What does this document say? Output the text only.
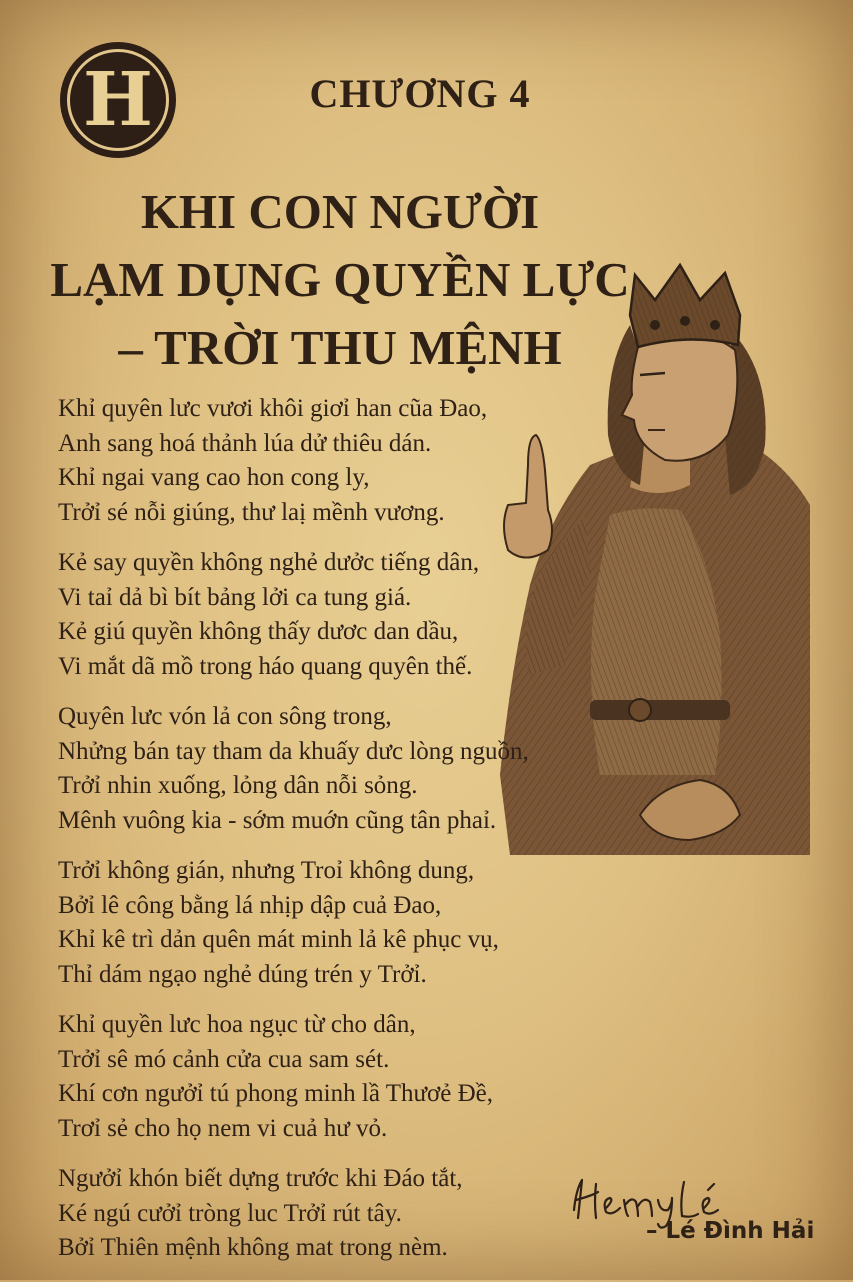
H	CHƯƠNG 4
KHI CON NGƯỜI
LẠM DỤNG QUYỀN LỰC
– TRỜI THU MỆNH
Khỉ quyên lưc vươi khôi giơỉ han cũa Đao,
Anh sang hoá thảnh lúa dử thiêu dán.
Khỉ ngai vang cao hon cong ly,
Trởỉ sé nỗi giúng, thư laị mềnh vương.
Kẻ say quyền không nghẻ dưởc tiếng dân,
Vi taỉ dả bì bít bảng lởi ca tung giá.
Kẻ giú quyền không thấy dươc dan dầu,
Vi mắt dã mồ trong háo quang quyên thế.
Quyên lưc vón lả con sông trong,
Nhửng bán tay tham da khuấy dưc lòng nguồn,
Trởỉ nhin xuống, lỏng dân nỗi sỏng.
Mênh vuông kia - sớm muớn cũng tân phaỉ.
Trởỉ không gián, nhưng Troỉ không dung,
Bởỉ lê công bằng lá nhịp dập cuả Đao,
Khỉ kê trì dản quên mát minh lả kê phục vụ,
Thỉ dám ngạo nghẻ dúng trén y Trởỉ.
Khỉ quyền lưc hoa ngục từ cho dân,
Trởỉ sê mó cảnh cửa cua sam sét.
Khí cơn ngưởỉ tú phong minh lầ Thươẻ Đề,
Trơỉ sẻ cho họ nem vi cuả hư vỏ.
Ngưởỉ khón biết dựng trước khi Đáo tắt,
Ké ngú cưởỉ tròng luc Trởỉ rút tây.
Bởỉ Thiên mệnh không mat trong nèm.
– Lé Đình Hải
